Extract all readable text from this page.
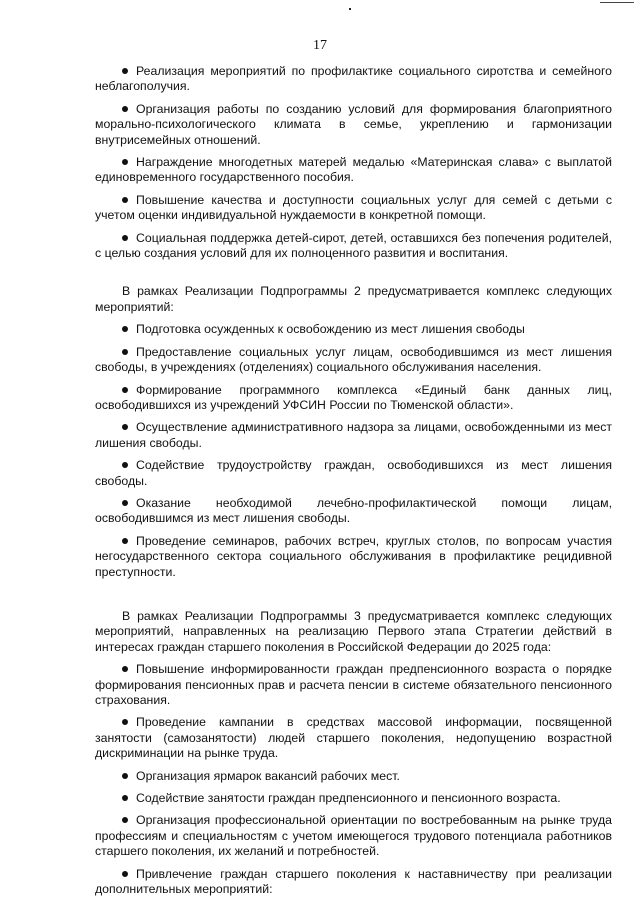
17

Реализация мероприятий по профилактике социального сиротства и семейного неблагополучия.

Организация работы по созданию условий для формирования благоприятного морально-психологического климата в семье, укреплению и гармонизации внутрисемейных отношений.

Награждение многодетных матерей медалью «Материнская слава» с выплатой единовременного государственного пособия.

Повышение качества и доступности социальных услуг для семей с детьми с учетом оценки индивидуальной нуждаемости в конкретной помощи.

Социальная поддержка детей-сирот, детей, оставшихся без попечения родителей, с целью создания условий для их полноценного развития и воспитания.

В рамках Реализации Подпрограммы 2 предусматривается комплекс следующих мероприятий:

Подготовка осужденных к освобождению из мест лишения свободы

Предоставление социальных услуг лицам, освободившимся из мест лишения свободы, в учреждениях (отделениях) социального обслуживания населения.

Формирование программного комплекса «Единый банк данных лиц, освободившихся из учреждений УФСИН России по Тюменской области».

Осуществление административного надзора за лицами, освобожденными из мест лишения свободы.

Содействие трудоустройству граждан, освободившихся из мест лишения свободы.

Оказание необходимой лечебно-профилактической помощи лицам, освободившимся из мест лишения свободы.

Проведение семинаров, рабочих встреч, круглых столов, по вопросам участия негосударственного сектора социального обслуживания в профилактике рецидивной преступности.

В рамках Реализации Подпрограммы 3 предусматривается комплекс следующих мероприятий, направленных на реализацию Первого этапа Стратегии действий в интересах граждан старшего поколения в Российской Федерации до 2025 года:

Повышение информированности граждан предпенсионного возраста о порядке формирования пенсионных прав и расчета пенсии в системе обязательного пенсионного страхования.

Проведение кампании в средствах массовой информации, посвященной занятости (самозанятости) людей старшего поколения, недопущению возрастной дискриминации на рынке труда.

Организация ярмарок вакансий рабочих мест.

Содействие занятости граждан предпенсионного и пенсионного возраста.

Организация профессиональной ориентации по востребованным на рынке труда профессиям и специальностям с учетом имеющегося трудового потенциала работников старшего поколения, их желаний и потребностей.

Привлечение граждан старшего поколения к наставничеству при реализации дополнительных мероприятий:
